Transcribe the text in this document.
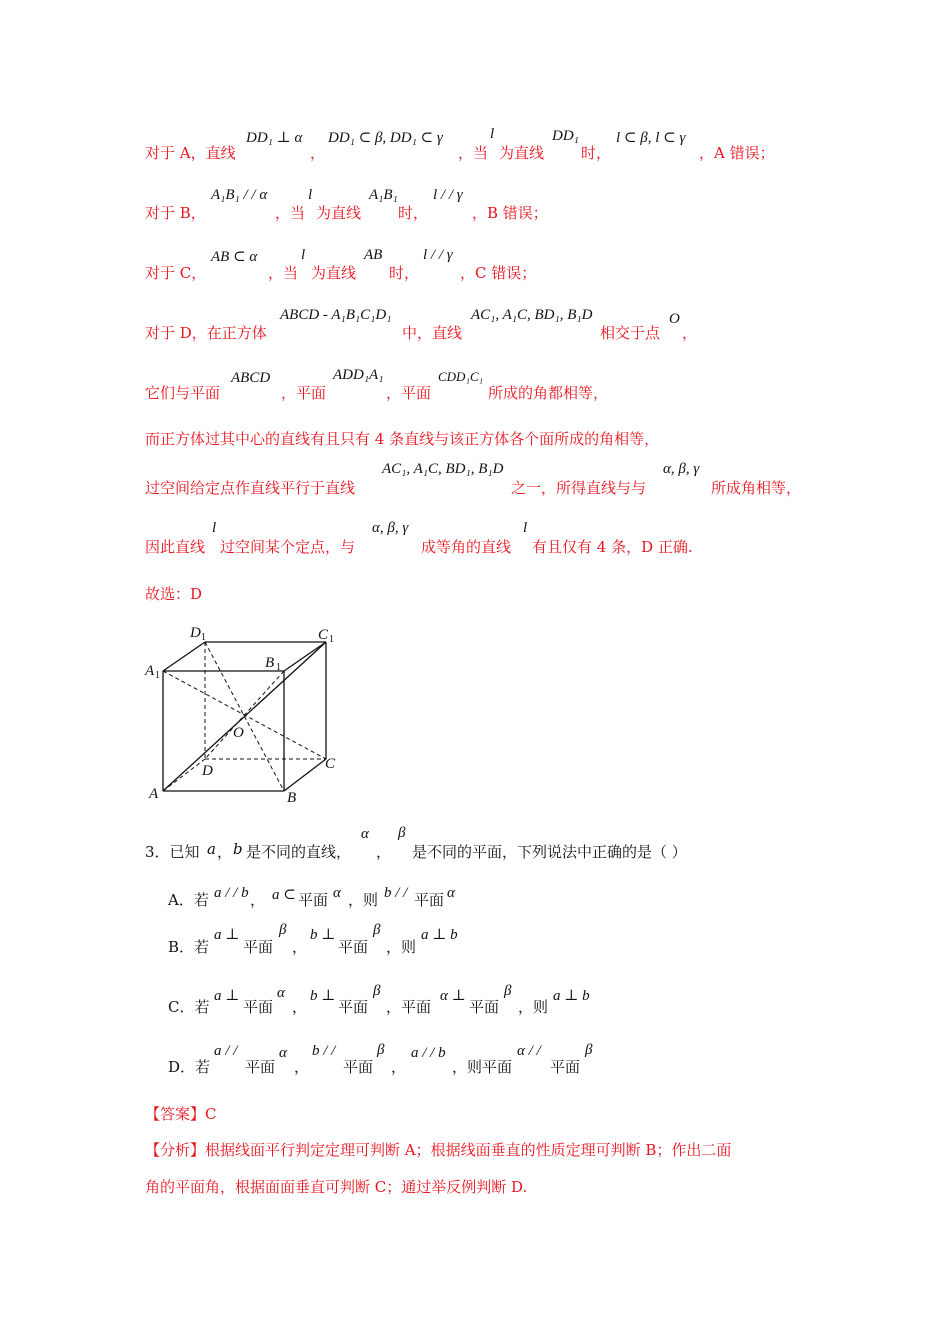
对于 A，直线
DD₁ ⊥ α
，
DD₁ ⊂ β, DD₁ ⊂ γ
，当
l
为直线
DD₁
时，
l ⊂ β, l ⊂ γ
，A 错误；
对于 B，
A₁B₁ / / α
，当
l
为直线
A₁B₁
时，
l / / γ
，B 错误；
对于 C，
AB ⊂ α
，当
l
为直线
AB
时，
l / / γ
，C 错误；
对于 D，在正方体
ABCD - A₁B₁C₁D₁
中，直线
AC₁, A₁C, BD₁, B₁D
相交于点
O
，
它们与平面
ABCD
，平面
ADD₁A₁
，平面
CDD₁C₁
所成的角都相等，
而正方体过其中心的直线有且只有 4 条直线与该正方体各个面所成的角相等，
过空间给定点作直线平行于直线
AC₁, A₁C, BD₁, B₁D
之一，所得直线与与
α, β, γ
所成角相等，
因此直线
l
过空间某个定点，与
α, β, γ
成等角的直线
l
有且仅有 4 条，D 正确.
故选：D
D 1	C 1
A 1
B 1
O
D	C
A	B
3．已知 a ， b 是不同的直线，
α
，
β
是不同的平面，下列说法中正确的是（ ）
A．若 a / / b ， a ⊂ 平面 α ，则 b / / 平面 α
B．若
a ⊥
平面
β
，
b ⊥
平面
β
，则
a ⊥ b
C．若
a ⊥
平面
α
，
b ⊥
平面
β
，平面
α ⊥
平面
β
，则
a ⊥ b
D．若
a / /
平面
α
，
b / /
平面
β
，
a / / b
，则平面
α / /
平面
β
【答案】C
【分析】根据线面平行判定定理可判断 A；根据线面垂直的性质定理可判断 B；作出二面
角的平面角，根据面面垂直可判断 C；通过举反例判断 D.
